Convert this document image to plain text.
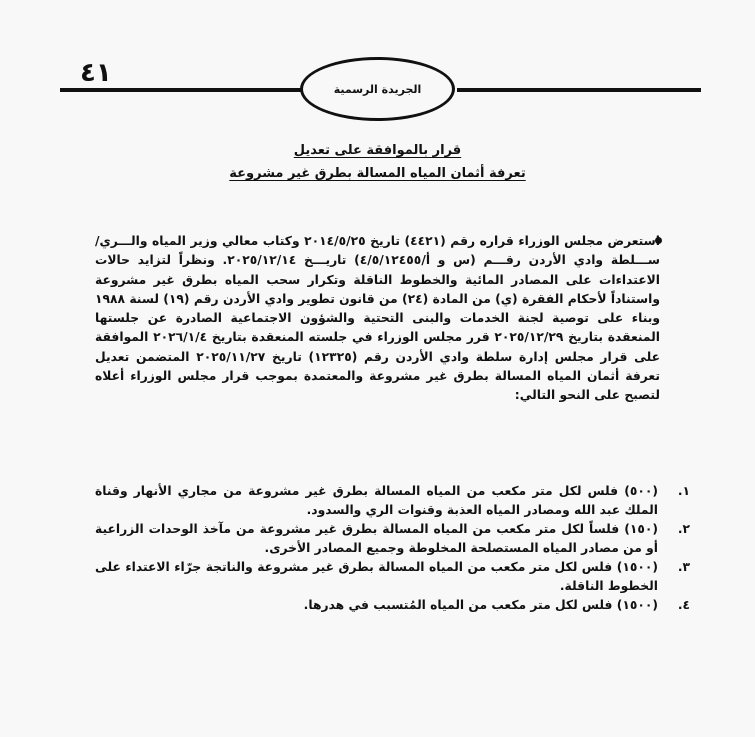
٤١
الجريدة الرسمية
قرار بالموافقة على تعديل
تعرفة أثمان المياه المسالة بطرق غير مشروعة
استعرض مجلس الوزراء قراره رقم (٤٤٢١) تاريخ ٢٠١٤/٥/٢٥ وكتاب معالي وزير المياه والـــري/ ســـلطة وادي الأردن رقـــم (س و أ/٤/٥/١٢٤٥٥) تاريـــخ ٢٠٢٥/١٢/١٤. ونظراً لتزايد حالات الاعتداءات على المصادر المائية والخطوط الناقلة وتكرار سحب المياه بطرق غير مشروعة واستناداً لأحكام الفقرة (ي) من المادة (٢٤) من قانون تطوير وادي الأردن رقم (١٩) لسنة ١٩٨٨ وبناء على توصية لجنة الخدمات والبنى التحتية والشؤون الاجتماعية الصادرة عن جلستها المنعقدة بتاريخ ٢٠٢٥/١٢/٢٩ قرر مجلس الوزراء في جلسته المنعقدة بتاريخ ٢٠٢٦/١/٤ الموافقة على قرار مجلس إدارة سلطة وادي الأردن رقم (١٢٣٢٥) تاريخ ٢٠٢٥/١١/٢٧ المتضمن تعديل تعرفة أثمان المياه المسالة بطرق غير مشروعة والمعتمدة بموجب قرار مجلس الوزراء أعلاه لتصبح على النحو التالي:
١.
(٥٠٠) فلس لكل متر مكعب من المياه المسالة بطرق غير مشروعة من مجاري الأنهار وقناة الملك عبد الله ومصادر المياه العذبة وقنوات الري والسدود.
٢.
(١٥٠) فلساً لكل متر مكعب من المياه المسالة بطرق غير مشروعة من مآخذ الوحدات الزراعية أو من مصادر المياه المستصلحة المخلوطة وجميع المصادر الأخرى.
٣.
(١٥٠٠) فلس لكل متر مكعب من المياه المسالة بطرق غير مشروعة والناتجة جرّاء الاعتداء على الخطوط الناقلة.
٤.
(١٥٠٠) فلس لكل متر مكعب من المياه المُتسبب في هدرها.
